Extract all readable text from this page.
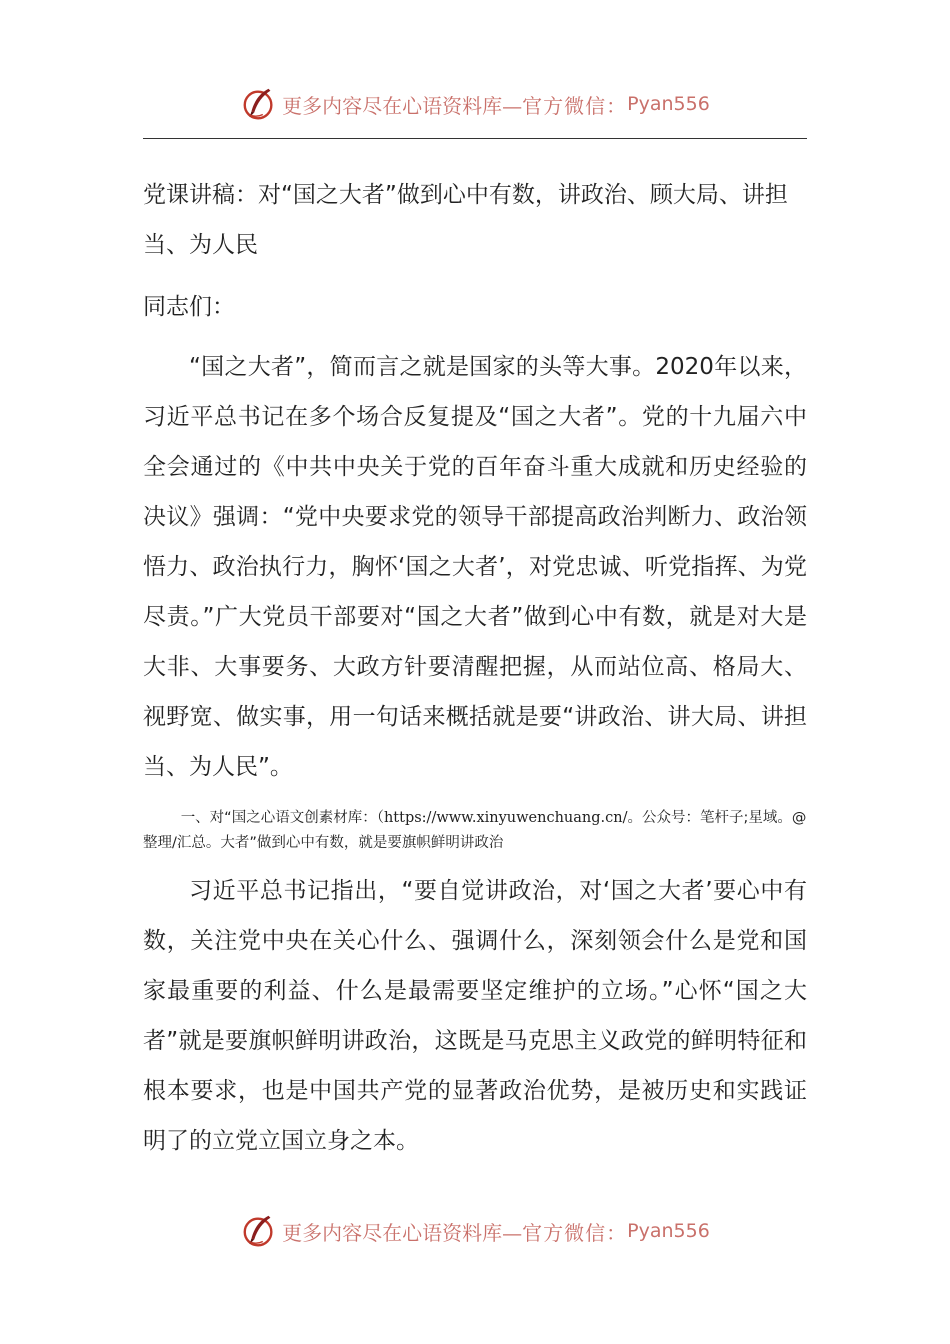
更多内容尽在心语资料库— 官方微信： Pyan556
党课讲稿：对“国之大者”做到心中有数，讲政治、顾大局、讲担当、为人民

同志们：

“国之大者”，简而言之就是国家的头等大事。2020年以来，习近平总书记在多个场合反复提及“国之大者”。党的十九届六中全会通过的《中共中央关于党的百年奋斗重大成就和历史经验的决议》强调：“党中央要求党的领导干部提高政治判断力、政治领悟力、政治执行力，胸怀‘国之大者’，对党忠诚、听党指挥、为党尽责。”广大党员干部要对“国之大者”做到心中有数，就是对大是大非、大事要务、大政方针要清醒把握，从而站位高、格局大、视野宽、做实事，用一句话来概括就是要“讲政治、讲大局、讲担当、为人民”。

一、对“国之心语文创素材库：（https://www.xinyuwenchuang.cn/。公众号：笔杆子;星域。@整理/汇总。大者”做到心中有数，就是要旗帜鲜明讲政治

习近平总书记指出，“要自觉讲政治，对‘国之大者’要心中有数，关注党中央在关心什么、强调什么，深刻领会什么是党和国家最重要的利益、什么是最需要坚定维护的立场。”心怀“国之大者”就是要旗帜鲜明讲政治，这既是马克思主义政党的鲜明特征和根本要求，也是中国共产党的显著政治优势，是被历史和实践证明了的立党立国立身之本。

更多内容尽在心语资料库— 官方微信： Pyan556
